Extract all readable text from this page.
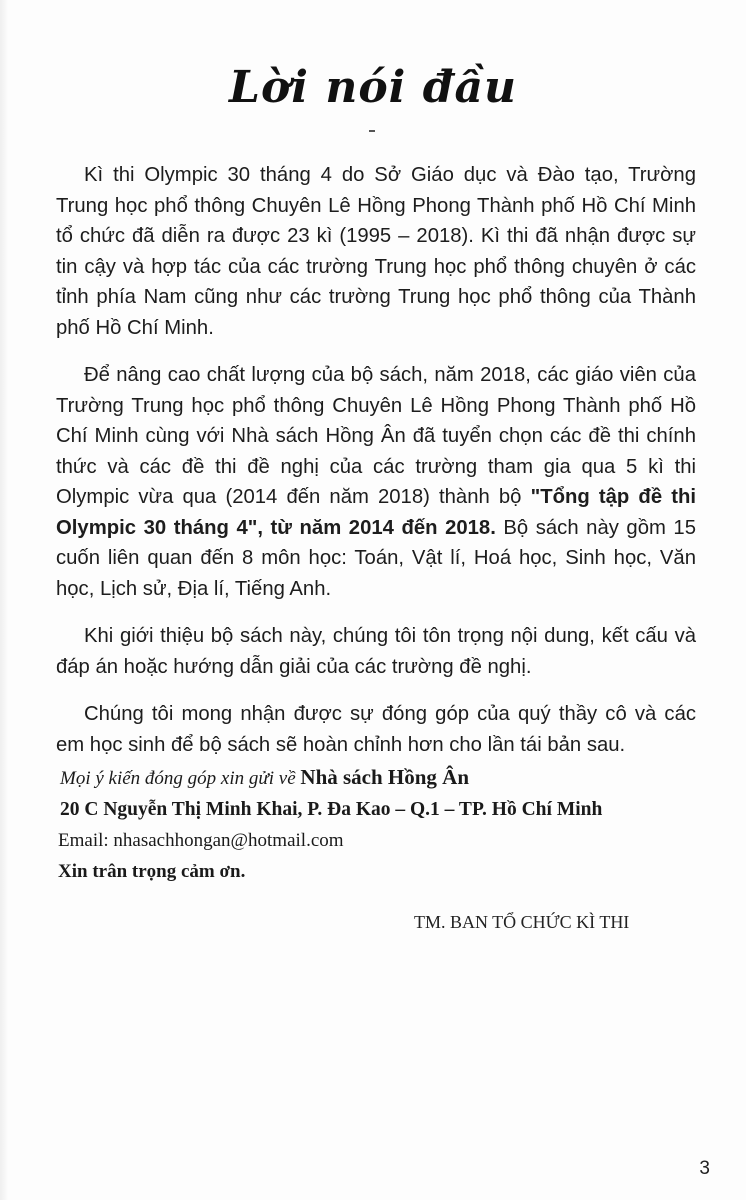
Lời nói đầu

Kì thi Olympic 30 tháng 4 do Sở Giáo dục và Đào tạo, Trường Trung học phổ thông Chuyên Lê Hồng Phong Thành phố Hồ Chí Minh tổ chức đã diễn ra được 23 kì (1995 – 2018). Kì thi đã nhận được sự tin cậy và hợp tác của các trường Trung học phổ thông chuyên ở các tỉnh phía Nam cũng như các trường Trung học phổ thông của Thành phố Hồ Chí Minh.

Để nâng cao chất lượng của bộ sách, năm 2018, các giáo viên của Trường Trung học phổ thông Chuyên Lê Hồng Phong Thành phố Hồ Chí Minh cùng với Nhà sách Hồng Ân đã tuyển chọn các đề thi chính thức và các đề thi đề nghị của các trường tham gia qua 5 kì thi Olympic vừa qua (2014 đến năm 2018) thành bộ "Tổng tập đề thi Olympic 30 tháng 4", từ năm 2014 đến 2018. Bộ sách này gồm 15 cuốn liên quan đến 8 môn học: Toán, Vật lí, Hoá học, Sinh học, Văn học, Lịch sử, Địa lí, Tiếng Anh.

Khi giới thiệu bộ sách này, chúng tôi tôn trọng nội dung, kết cấu và đáp án hoặc hướng dẫn giải của các trường đề nghị.

Chúng tôi mong nhận được sự đóng góp của quý thầy cô và các em học sinh để bộ sách sẽ hoàn chỉnh hơn cho lần tái bản sau.

Mọi ý kiến đóng góp xin gửi về Nhà sách Hồng Ân
20 C Nguyễn Thị Minh Khai, P. Đa Kao – Q.1 – TP. Hồ Chí Minh
Email: nhasachhongan@hotmail.com
Xin trân trọng cảm ơn.
TM. BAN TỔ CHỨC KÌ THI
3
